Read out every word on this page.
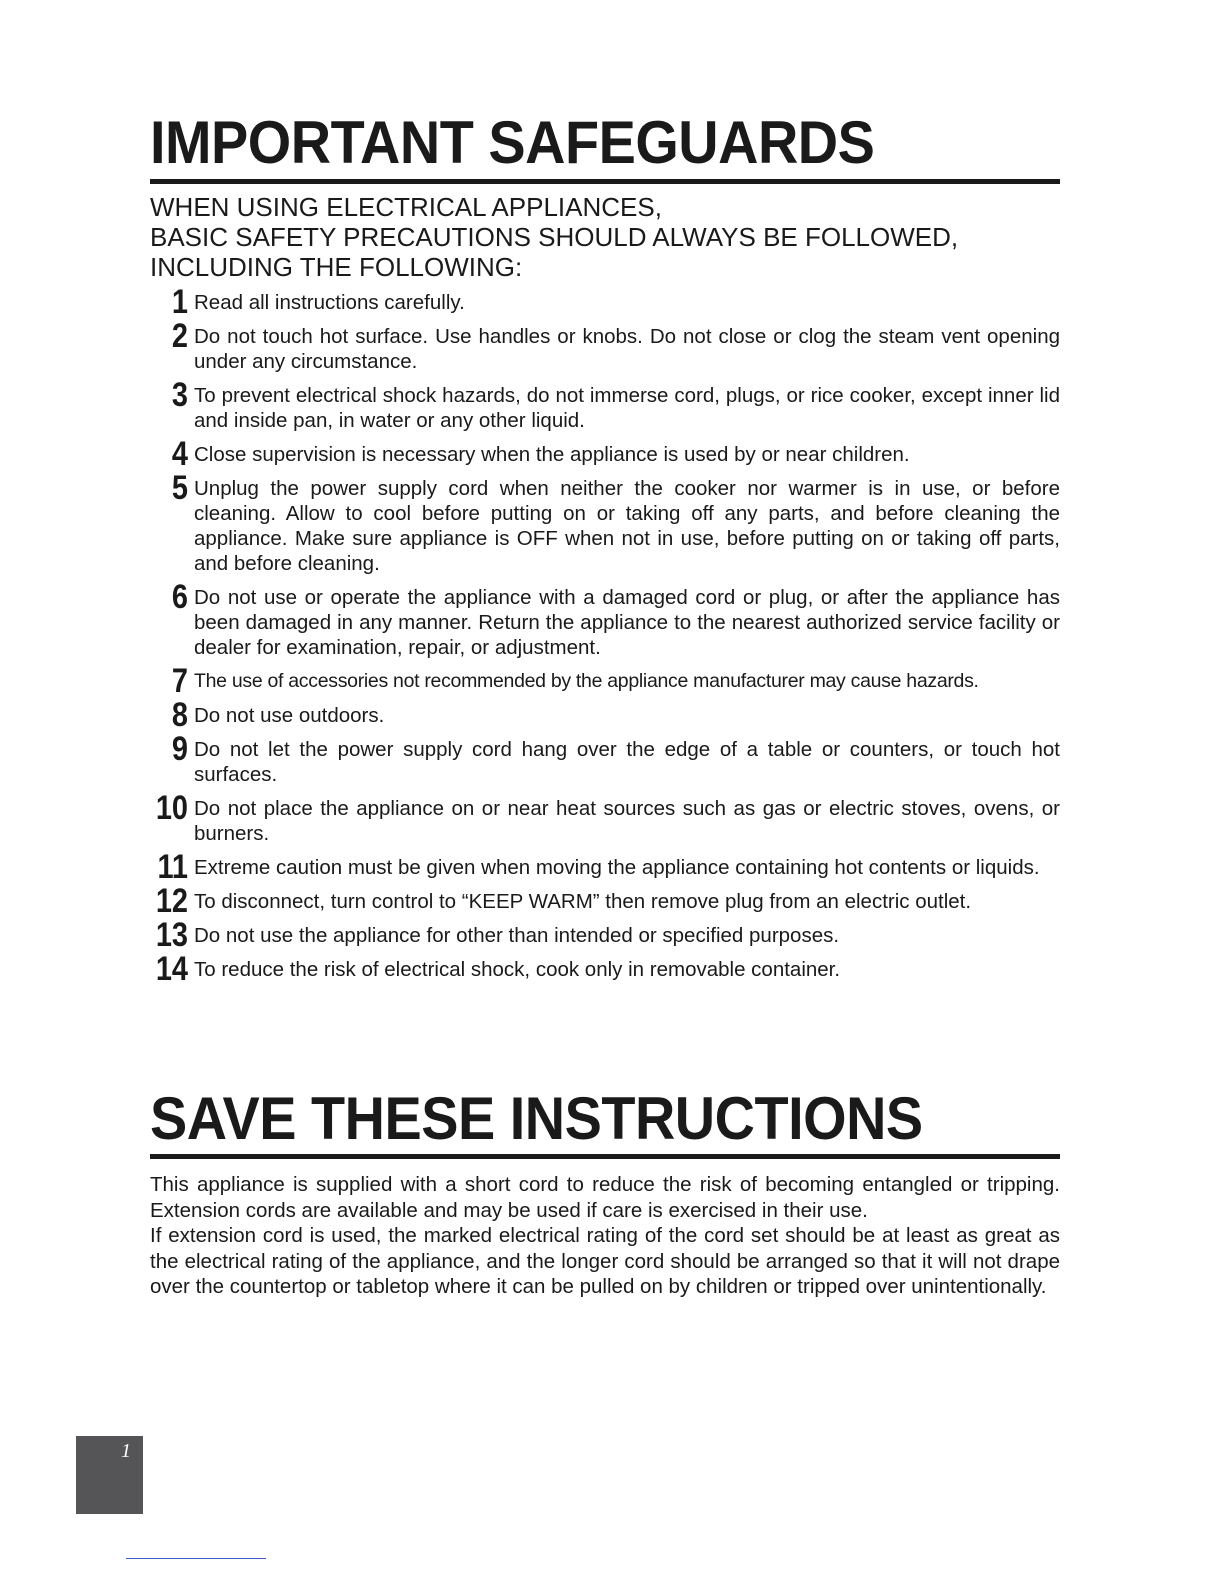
IMPORTANT SAFEGUARDS
WHEN USING ELECTRICAL APPLIANCES,
BASIC SAFETY PRECAUTIONS SHOULD ALWAYS BE FOLLOWED,
INCLUDING THE FOLLOWING:
1 Read all instructions carefully.
2 Do not touch hot surface. Use handles or knobs. Do not close or clog the steam vent opening under any circumstance.
3 To prevent electrical shock hazards, do not immerse cord, plugs, or rice cooker, except inner lid and inside pan, in water or any other liquid.
4 Close supervision is necessary when the appliance is used by or near children.
5 Unplug the power supply cord when neither the cooker nor warmer is in use, or before cleaning. Allow to cool before putting on or taking off any parts, and before cleaning the appliance. Make sure appliance is OFF when not in use, before putting on or taking off parts, and before cleaning.
6 Do not use or operate the appliance with a damaged cord or plug, or after the appliance has been damaged in any manner. Return the appliance to the nearest authorized service facility or dealer for examination, repair, or adjustment.
7 The use of accessories not recommended by the appliance manufacturer may cause hazards.
8 Do not use outdoors.
9 Do not let the power supply cord hang over the edge of a table or counters, or touch hot surfaces.
10 Do not place the appliance on or near heat sources such as gas or electric stoves, ovens, or burners.
11 Extreme caution must be given when moving the appliance containing hot contents or liquids.
12 To disconnect, turn control to “KEEP WARM” then remove plug from an electric outlet.
13 Do not use the appliance for other than intended or specified purposes.
14 To reduce the risk of electrical shock, cook only in removable container.
SAVE THESE INSTRUCTIONS

This appliance is supplied with a short cord to reduce the risk of becoming entangled or tripping. Extension cords are available and may be used if care is exercised in their use.

If extension cord is used, the marked electrical rating of the cord set should be at least as great as the electrical rating of the appliance, and the longer cord should be arranged so that it will not drape over the countertop or tabletop where it can be pulled on by children or tripped over unintentionally.

1
